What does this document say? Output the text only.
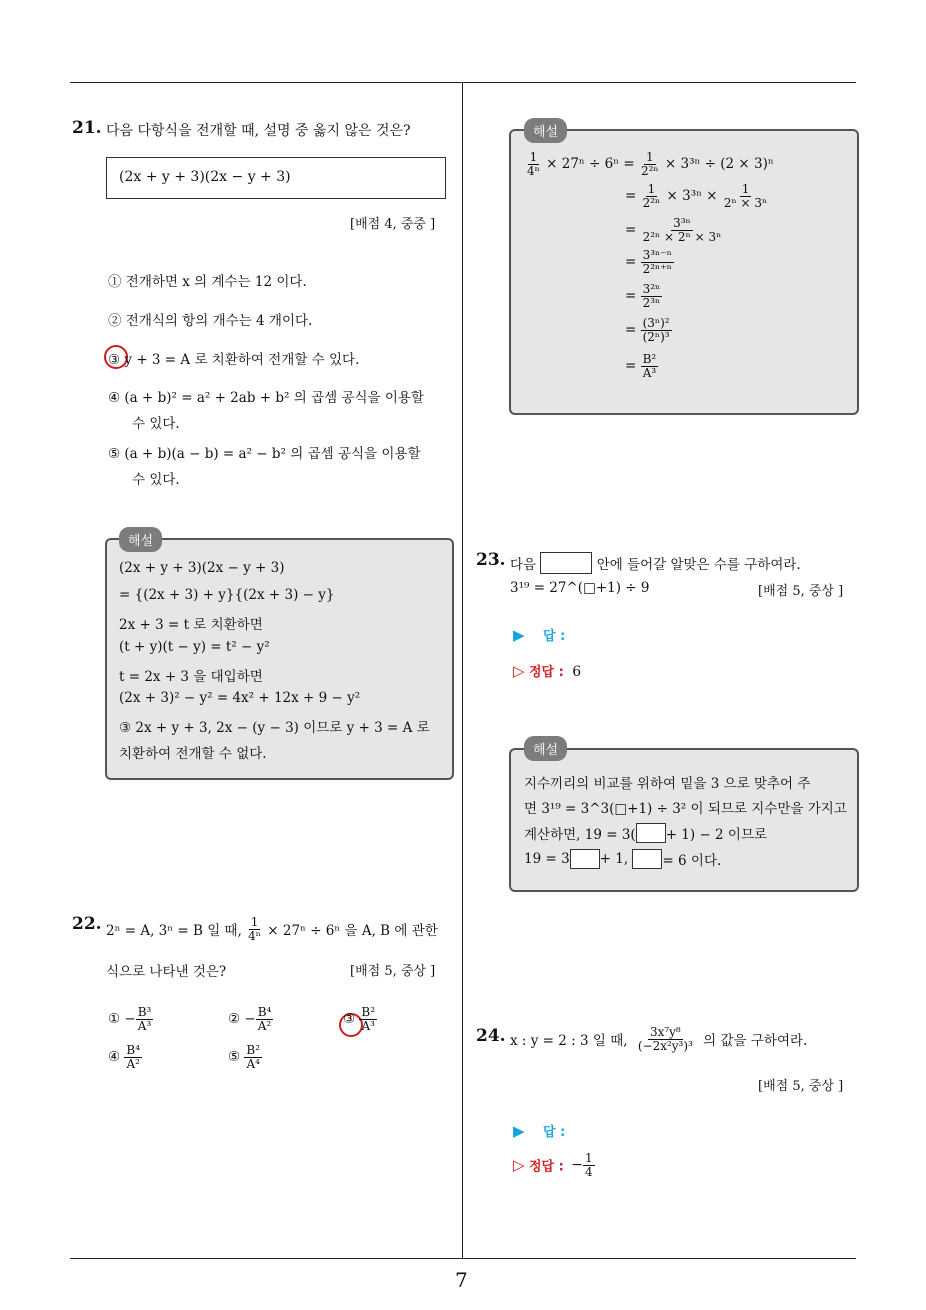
7
21. 다음 다항식을 전개할 때, 설명 중 옳지 않은 것은?
(2x + y + 3)(2x − y + 3)
[배점 4, 중중 ]
① 전개하면 x 의 계수는 12 이다.
② 전개식의 항의 개수는 4 개이다.
③ y + 3 = A 로 치환하여 전개할 수 있다.
④ (a + b)² = a² + 2ab + b² 의 곱셈 공식을 이용할
수 있다.
⑤ (a + b)(a − b) = a² − b² 의 곱셈 공식을 이용할
수 있다.
(2x + y + 3)(2x − y + 3)
= {(2x + 3) + y}{(2x + 3) − y}
2x + 3 = t 로 치환하면
(t + y)(t − y) = t² − y²
t = 2x + 3 을 대입하면
(2x + 3)² − y² = 4x² + 12x + 9 − y²
③ 2x + y + 3, 2x − (y − 3) 이므로 y + 3 = A 로
치환하여 전개할 수 없다.
해설
22. 2ⁿ = A, 3ⁿ = B 일 때, $\frac{1}{\text{4ⁿ}} \times 27^n \div 6^n$ 을 A, B 에 관한
식으로 나타낸 것은?	[배점 5, 중상 ]
① − $\frac{\text{B³}}{\text{A³}}$	② − $\frac{\text{B⁴}}{\text{A²}}$	③ $\frac{\text{B²}}{\text{A³}}$
④ $\frac{\text{B⁴}}{\text{A²}}$	⑤ $\frac{\text{B²}}{\text{A⁴}}$
$\frac{1}{\text{4ⁿ}} \times 27^n \div 6^n = \frac{1}{\text{2²ⁿ}} \times 3^{3n} \div (2 \times 3)^n$
= $\frac{1}{\text{2²ⁿ}} \times 3^{3n} \times \frac{1}{\text{2ⁿ × 3ⁿ}}$
= $\frac{\text{3³ⁿ}}{\text{2²ⁿ × 2ⁿ × 3ⁿ}}$
= $\frac{\text{3³ⁿ⁻ⁿ}}{\text{2²ⁿ⁺ⁿ}}$
= $\frac{\text{3²ⁿ}}{\text{2³ⁿ}}$
= $\frac{\text{(3ⁿ)²}}{\text{(2ⁿ)³}}$
= $\frac{\text{B²}}{\text{A³}}$
해설
23. 다음	안에 들어갈 알맞은 수를 구하여라.
3¹⁹ = 27^(□+1) ÷ 9	[배점 5, 중상 ]
▶ 답 :
▷ 정답 : 6
지수끼리의 비교를 위하여 밑을 3 으로 맞추어 주
면 3¹⁹ = 3^3(□+1) ÷ 3² 이 되므로 지수만을 가지고
계산하면, 19 = 3( + 1) − 2 이므로
19 = 3 + 1,	= 6 이다.
해설
24. x : y = 2 : 3 일 때, $\frac{\text{3x⁷y⁸}}{\text{(−2x²y³)³}}$ 의 값을 구하여라.
[배점 5, 중상 ]
▶ 답 :
▷ 정답 : − $\frac{1}{4}$
